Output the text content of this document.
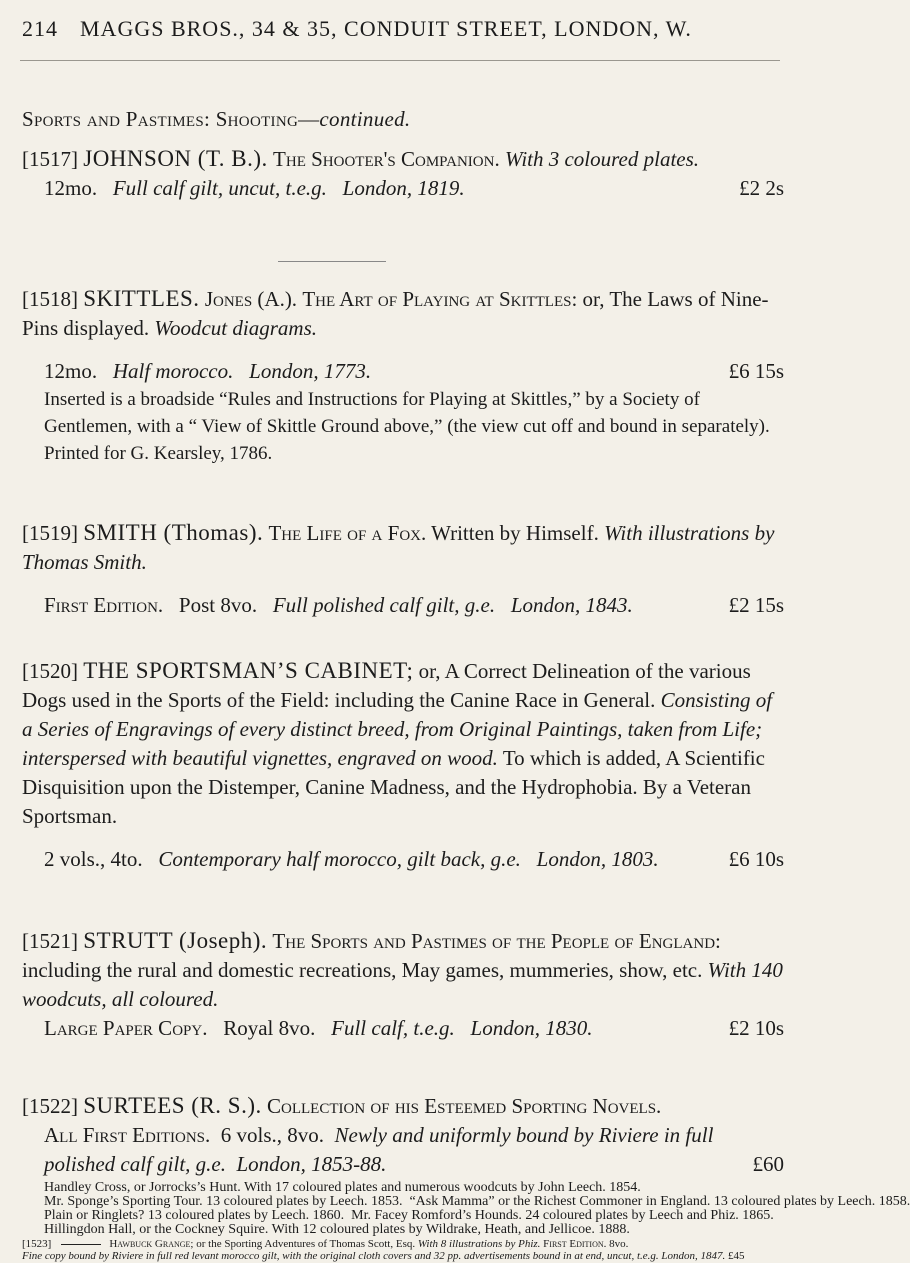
214 MAGGS BROS., 34 & 35, CONDUIT STREET, LONDON, W.
Sports and Pastimes: Shooting—continued.

[1517] JOHNSON (T. B.). The Shooter's Companion. With 3 coloured plates.

12mo. Full calf gilt, uncut, t.e.g. London, 1819.	£2 2s

[1518] SKITTLES. Jones (A.). The Art of Playing at Skittles: or, The Laws of Nine-Pins displayed. Woodcut diagrams.

12mo. Half morocco. London, 1773.	£6 15s

Inserted is a broadside “Rules and Instructions for Playing at Skittles,” by a Society of Gentlemen, with a “ View of Skittle Ground above,” (the view cut off and bound in separately). Printed for G. Kearsley, 1786.

[1519] SMITH (Thomas). The Life of a Fox. Written by Himself. With illustrations by Thomas Smith.

First Edition. Post 8vo. Full polished calf gilt, g.e. London, 1843.	£2 15s

[1520] THE SPORTSMAN’S CABINET; or, A Correct Delineation of the various Dogs used in the Sports of the Field: including the Canine Race in General. Consisting of a Series of Engravings of every distinct breed, from Original Paintings, taken from Life; interspersed with beautiful vignettes, engraved on wood. To which is added, A Scientific Disquisition upon the Distemper, Canine Madness, and the Hydrophobia. By a Veteran Sportsman.

2 vols., 4to. Contemporary half morocco, gilt back, g.e. London, 1803.	£6 10s

[1521] STRUTT (Joseph). The Sports and Pastimes of the People of England: including the rural and domestic recreations, May games, mummeries, show, etc. With 140 woodcuts, all coloured.

Large Paper Copy. Royal 8vo. Full calf, t.e.g. London, 1830.	£2 10s

[1522] SURTEES (R. S.). Collection of his Esteemed Sporting Novels.

All First Editions. 6 vols., 8vo. Newly and uniformly bound by Riviere in full polished calf gilt, g.e. London, 1853-88.	£60

Handley Cross, or Jorrocks’s Hunt. With 17 coloured plates and numerous woodcuts by John Leech. 1854.

Mr. Sponge’s Sporting Tour. 13 coloured plates by Leech. 1853. “Ask Mamma” or the Richest Commoner in England. 13 coloured plates by Leech. 1858.

Plain or Ringlets? 13 coloured plates by Leech. 1860. Mr. Facey Romford’s Hounds. 24 coloured plates by Leech and Phiz. 1865.

Hillingdon Hall, or the Cockney Squire. With 12 coloured plates by Wildrake, Heath, and Jellicoe. 1888.

[1523]	Hawbuck Grange; or the Sporting Adventures of Thomas Scott, Esq. With 8 illustrations by Phiz. First Edition. 8vo.

Fine copy bound by Riviere in full red levant morocco gilt, with the original cloth covers and 32 pp. advertisements bound in at end, uncut, t.e.g. London, 1847. £45
